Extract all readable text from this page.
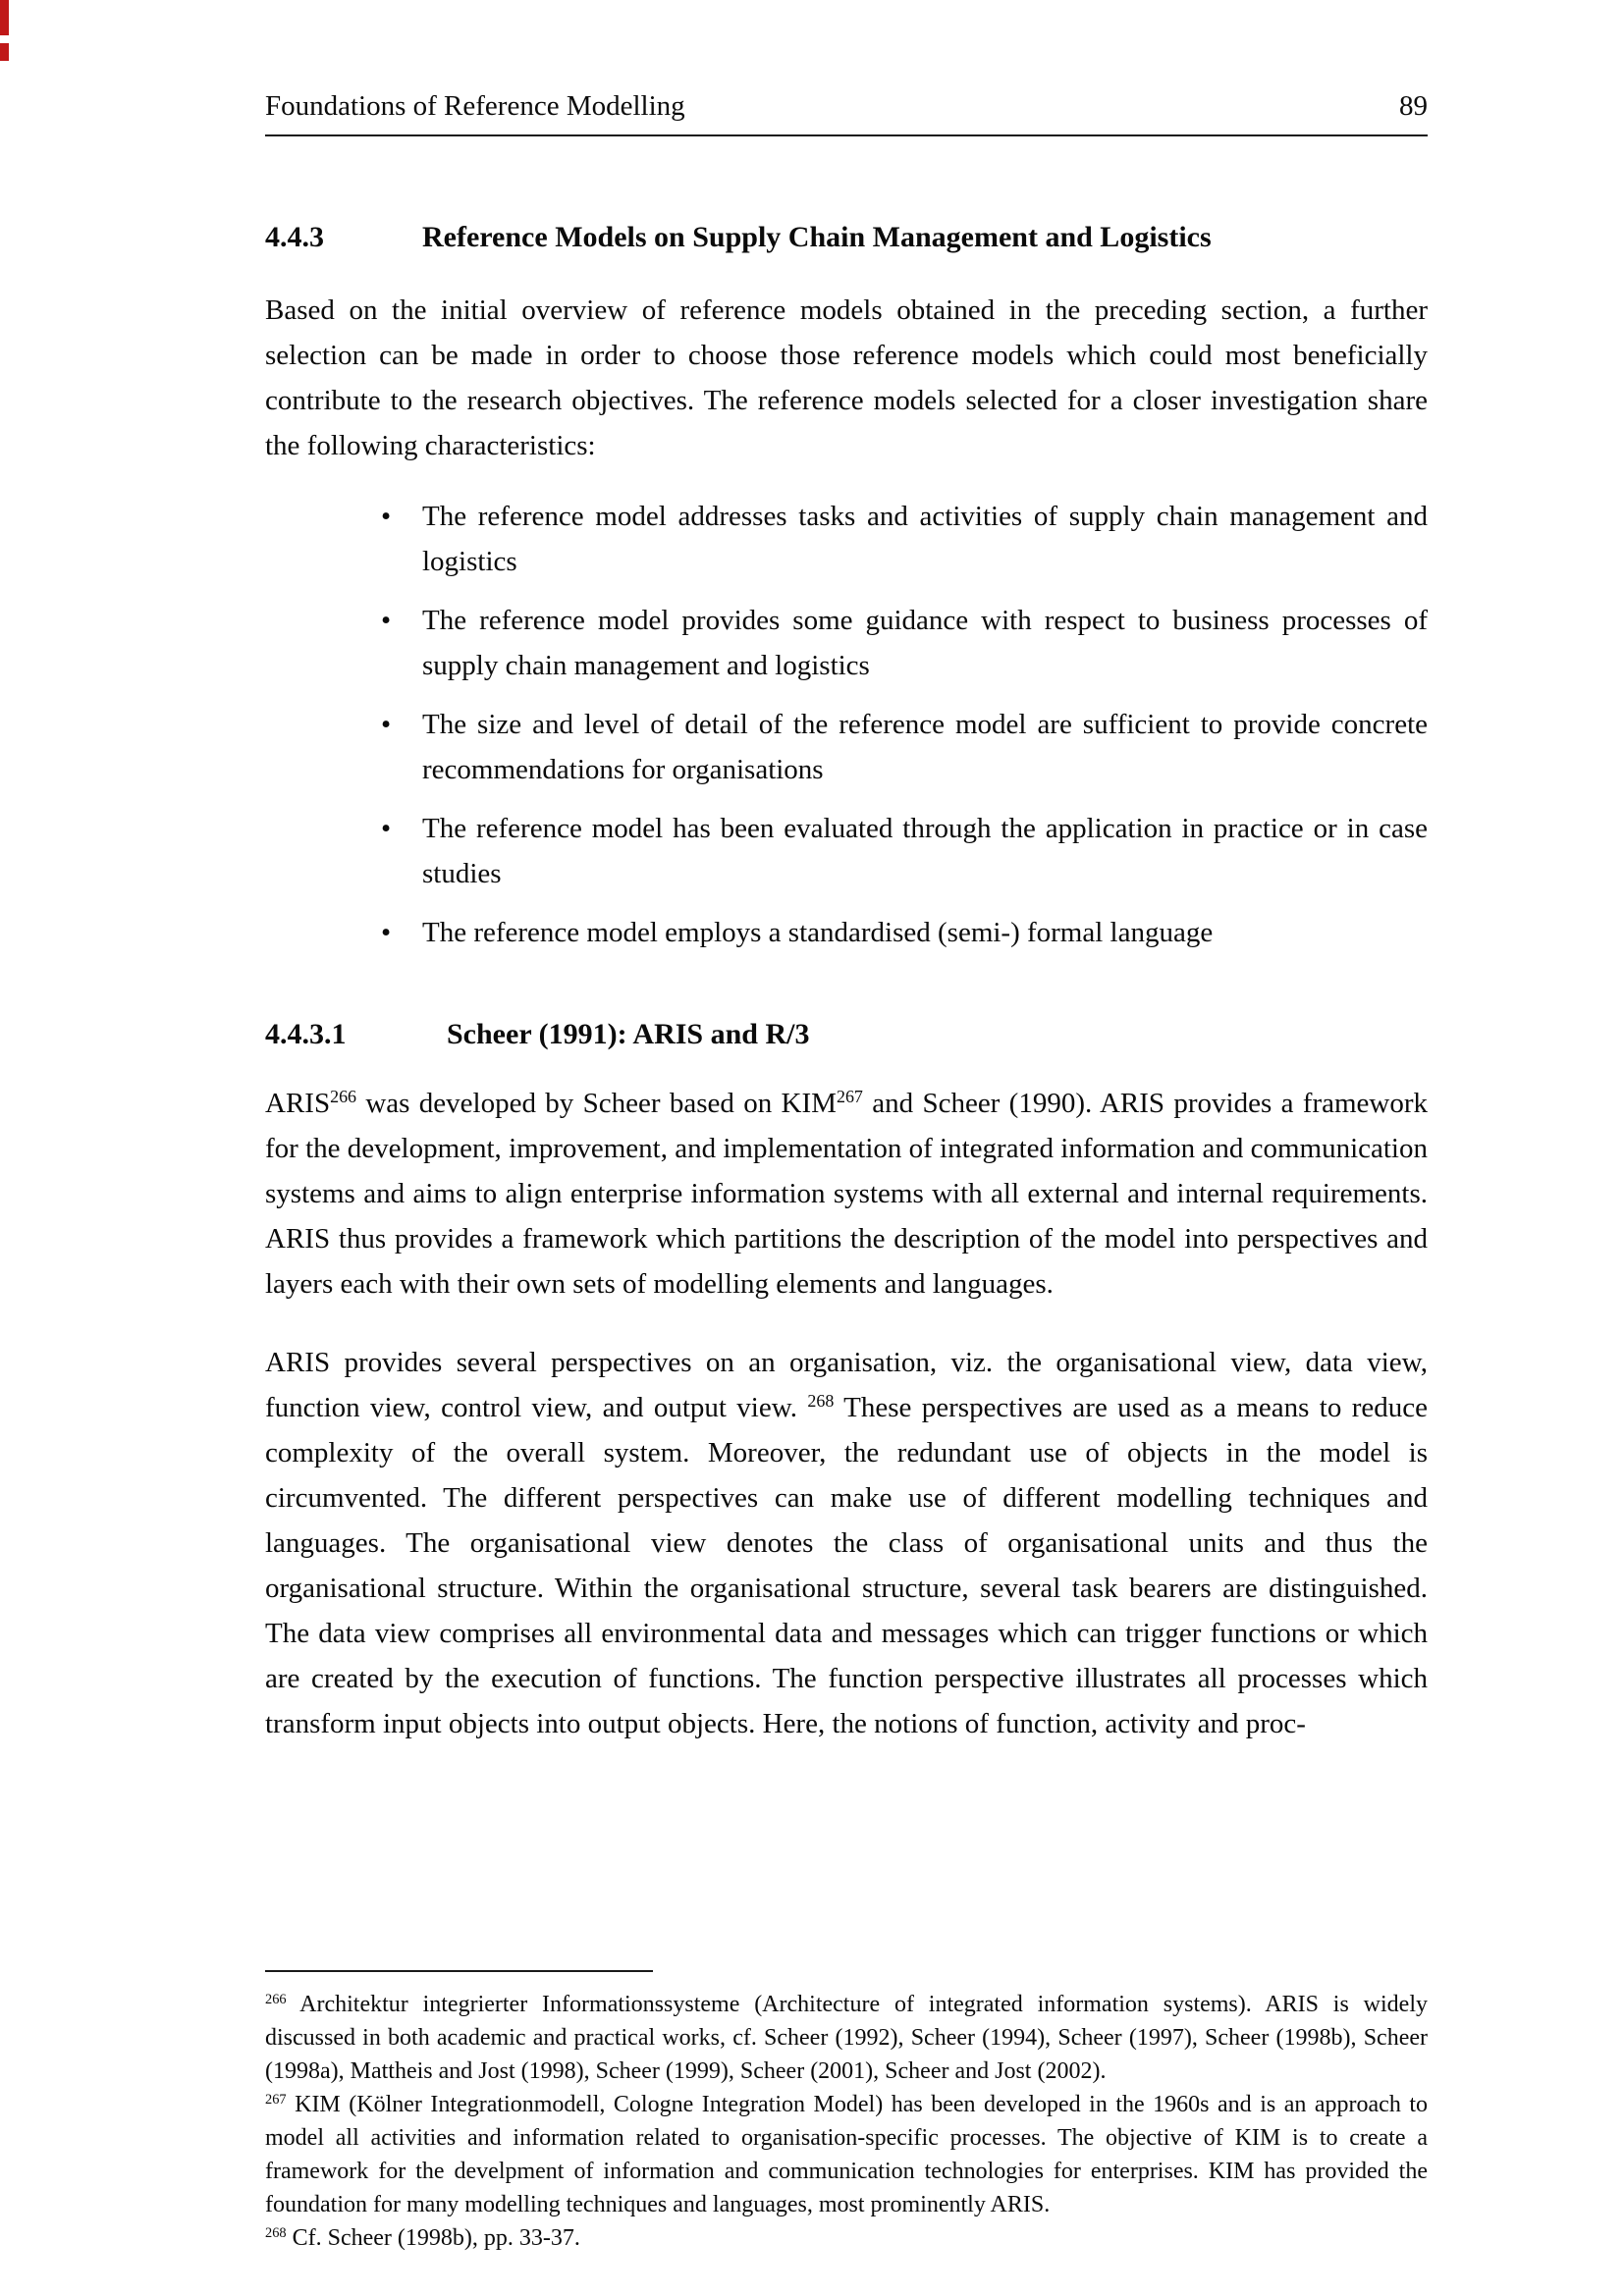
Foundations of Reference Modelling	89
4.4.3	Reference Models on Supply Chain Management and Logistics

Based on the initial overview of reference models obtained in the preceding section, a further selection can be made in order to choose those reference models which could most beneficially contribute to the research objectives. The reference models selected for a closer investigation share the following characteristics:

• The reference model addresses tasks and activities of supply chain management and logistics
• The reference model provides some guidance with respect to business processes of supply chain management and logistics
• The size and level of detail of the reference model are sufficient to provide concrete recommendations for organisations
• The reference model has been evaluated through the application in practice or in case studies
• The reference model employs a standardised (semi-) formal language
4.4.3.1	Scheer (1991): ARIS and R/3

ARIS$^{266}$ was developed by Scheer based on KIM$^{267}$ and Scheer (1990). ARIS provides a framework for the development, improvement, and implementation of integrated information and communication systems and aims to align enterprise information systems with all external and internal requirements. ARIS thus provides a framework which partitions the description of the model into perspectives and layers each with their own sets of modelling elements and languages.

ARIS provides several perspectives on an organisation, viz. the organisational view, data view, function view, control view, and output view. $^{268}$ These perspectives are used as a means to reduce complexity of the overall system. Moreover, the redundant use of objects in the model is circumvented. The different perspectives can make use of different modelling techniques and languages. The organisational view denotes the class of organisational units and thus the organisational structure. Within the organisational structure, several task bearers are distinguished. The data view comprises all environmental data and messages which can trigger functions or which are created by the execution of functions. The function perspective illustrates all processes which transform input objects into output objects. Here, the notions of function, activity and proc-

$^{266}$ Architektur integrierter Informationssysteme (Architecture of integrated information systems). ARIS is widely discussed in both academic and practical works, cf. Scheer (1992), Scheer (1994), Scheer (1997), Scheer (1998b), Scheer (1998a), Mattheis and Jost (1998), Scheer (1999), Scheer (2001), Scheer and Jost (2002).

$^{267}$ KIM (Kölner Integrationmodell, Cologne Integration Model) has been developed in the 1960s and is an approach to model all activities and information related to organisation-specific processes. The objective of KIM is to create a framework for the develpment of information and communication technologies for enterprises. KIM has provided the foundation for many modelling techniques and languages, most prominently ARIS.

$^{268}$ Cf. Scheer (1998b), pp. 33-37.
